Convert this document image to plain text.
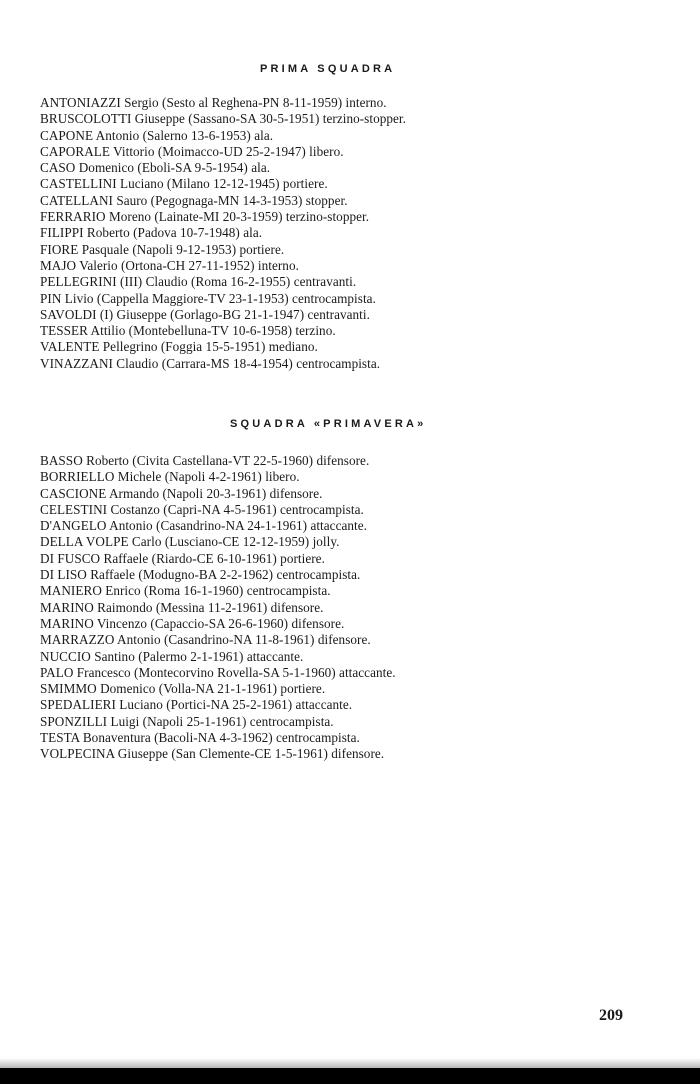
PRIMA SQUADRA
ANTONIAZZI Sergio (Sesto al Reghena-PN 8-11-1959) interno.
BRUSCOLOTTI Giuseppe (Sassano-SA 30-5-1951) terzino-stopper.
CAPONE Antonio (Salerno 13-6-1953) ala.
CAPORALE Vittorio (Moimacco-UD 25-2-1947) libero.
CASO Domenico (Eboli-SA 9-5-1954) ala.
CASTELLINI Luciano (Milano 12-12-1945) portiere.
CATELLANI Sauro (Pegognaga-MN 14-3-1953) stopper.
FERRARIO Moreno (Lainate-MI 20-3-1959) terzino-stopper.
FILIPPI Roberto (Padova 10-7-1948) ala.
FIORE Pasquale (Napoli 9-12-1953) portiere.
MAJO Valerio (Ortona-CH 27-11-1952) interno.
PELLEGRINI (III) Claudio (Roma 16-2-1955) centravanti.
PIN Livio (Cappella Maggiore-TV 23-1-1953) centrocampista.
SAVOLDI (I) Giuseppe (Gorlago-BG 21-1-1947) centravanti.
TESSER Attilio (Montebelluna-TV 10-6-1958) terzino.
VALENTE Pellegrino (Foggia 15-5-1951) mediano.
VINAZZANI Claudio (Carrara-MS 18-4-1954) centrocampista.
SQUADRA «PRIMAVERA»
BASSO Roberto (Civita Castellana-VT 22-5-1960) difensore.
BORRIELLO Michele (Napoli 4-2-1961) libero.
CASCIONE Armando (Napoli 20-3-1961) difensore.
CELESTINI Costanzo (Capri-NA 4-5-1961) centrocampista.
D'ANGELO Antonio (Casandrino-NA 24-1-1961) attaccante.
DELLA VOLPE Carlo (Lusciano-CE 12-12-1959) jolly.
DI FUSCO Raffaele (Riardo-CE 6-10-1961) portiere.
DI LISO Raffaele (Modugno-BA 2-2-1962) centrocampista.
MANIERO Enrico (Roma 16-1-1960) centrocampista.
MARINO Raimondo (Messina 11-2-1961) difensore.
MARINO Vincenzo (Capaccio-SA 26-6-1960) difensore.
MARRAZZO Antonio (Casandrino-NA 11-8-1961) difensore.
NUCCIO Santino (Palermo 2-1-1961) attaccante.
PALO Francesco (Montecorvino Rovella-SA 5-1-1960) attaccante.
SMIMMO Domenico (Volla-NA 21-1-1961) portiere.
SPEDALIERI Luciano (Portici-NA 25-2-1961) attaccante.
SPONZILLI Luigi (Napoli 25-1-1961) centrocampista.
TESTA Bonaventura (Bacoli-NA 4-3-1962) centrocampista.
VOLPECINA Giuseppe (San Clemente-CE 1-5-1961) difensore.
209
